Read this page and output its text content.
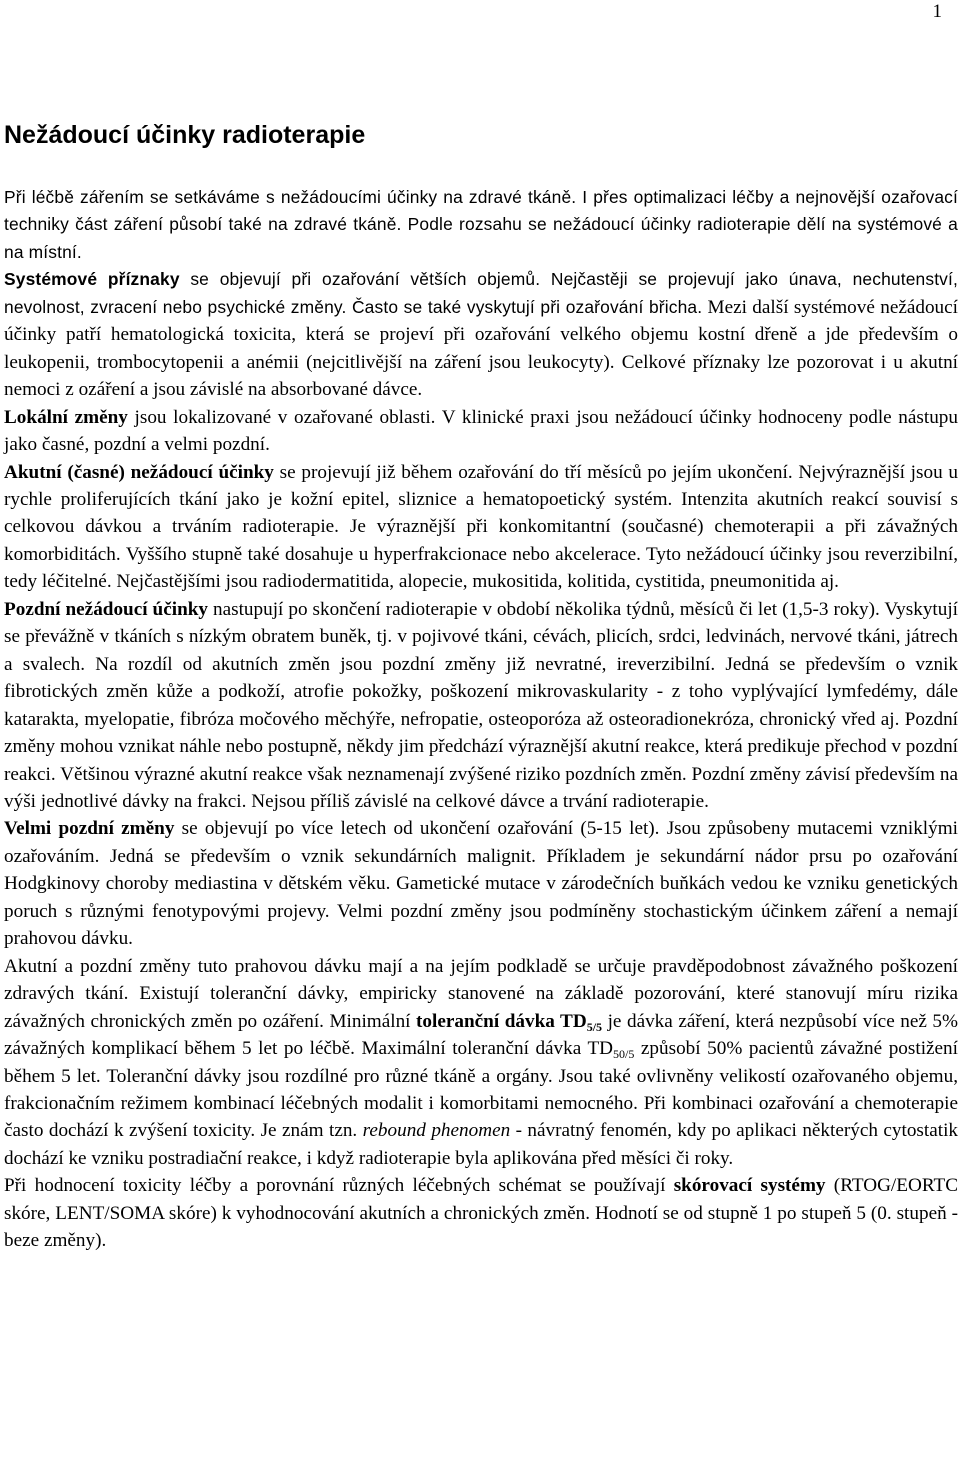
1
Nežádoucí účinky radioterapie

Při léčbě zářením se setkáváme s nežádoucími účinky na zdravé tkáně. I přes optimalizaci léčby a nejnovější ozařovací techniky část záření působí také na zdravé tkáně. Podle rozsahu se nežádoucí účinky radioterapie dělí na systémové a na místní.

Systémové příznaky se objevují při ozařování větších objemů. Nejčastěji se projevují jako únava, nechutenství, nevolnost, zvracení nebo psychické změny. Často se také vyskytují při ozařování břicha. Mezi další systémové nežádoucí účinky patří hematologická toxicita, která se projeví při ozařování velkého objemu kostní dřeně a jde především o leukopenii, trombocytopenii a anémii (nejcitlivější na záření jsou leukocyty). Celkové příznaky lze pozorovat i u akutní nemoci z ozáření a jsou závislé na absorbované dávce.

Lokální změny jsou lokalizované v ozařované oblasti. V klinické praxi jsou nežádoucí účinky hodnoceny podle nástupu jako časné, pozdní a velmi pozdní.

Akutní (časné) nežádoucí účinky se projevují již během ozařování do tří měsíců po jejím ukončení. Nejvýraznější jsou u rychle proliferujících tkání jako je kožní epitel, sliznice a hematopoetický systém. Intenzita akutních reakcí souvisí s celkovou dávkou a trváním radioterapie. Je výraznější při konkomitantní (současné) chemoterapii a při závažných komorbiditách. Vyššího stupně také dosahuje u hyperfrakcionace nebo akcelerace. Tyto nežádoucí účinky jsou reverzibilní, tedy léčitelné. Nejčastějšími jsou radiodermatitida, alopecie, mukositida, kolitida, cystitida, pneumonitida aj.

Pozdní nežádoucí účinky nastupují po skončení radioterapie v období několika týdnů, měsíců či let (1,5-3 roky). Vyskytují se převážně v tkáních s nízkým obratem buněk, tj. v pojivové tkáni, cévách, plicích, srdci, ledvinách, nervové tkáni, játrech a svalech. Na rozdíl od akutních změn jsou pozdní změny již nevratné, ireverzibilní. Jedná se především o vznik fibrotických změn kůže a podkoží, atrofie pokožky, poškození mikrovaskularity - z toho vyplývající lymfedémy, dále katarakta, myelopatie, fibróza močového měchýře, nefropatie, osteoporóza až osteoradionekróza, chronický vřed aj. Pozdní změny mohou vznikat náhle nebo postupně, někdy jim předchází výraznější akutní reakce, která predikuje přechod v pozdní reakci. Většinou výrazné akutní reakce však neznamenají zvýšené riziko pozdních změn. Pozdní změny závisí především na výši jednotlivé dávky na frakci. Nejsou příliš závislé na celkové dávce a trvání radioterapie.

Velmi pozdní změny se objevují po více letech od ukončení ozařování (5-15 let). Jsou způsobeny mutacemi vzniklými ozařováním. Jedná se především o vznik sekundárních malignit. Příkladem je sekundární nádor prsu po ozařování Hodgkinovy choroby mediastina v dětském věku. Gametické mutace v zárodečních buňkách vedou ke vzniku genetických poruch s různými fenotypovými projevy. Velmi pozdní změny jsou podmíněny stochastickým účinkem záření a nemají prahovou dávku.

Akutní a pozdní změny tuto prahovou dávku mají a na jejím podkladě se určuje pravděpodobnost závažného poškození zdravých tkání. Existují toleranční dávky, empiricky stanovené na základě pozorování, které stanovují míru rizika závažných chronických změn po ozáření. Minimální toleranční dávka $TD_{5/5}$ je dávka záření, která nezpůsobí více než 5% závažných komplikací během 5 let po léčbě. Maximální toleranční dávka $TD_{50/5}$ způsobí 50% pacientů závažné postižení během 5 let. Toleranční dávky jsou rozdílné pro různé tkáně a orgány. Jsou také ovlivněny velikostí ozařovaného objemu, frakcionačním režimem kombinací léčebných modalit i komorbitami nemocného. Při kombinaci ozařování a chemoterapie často dochází k zvýšení toxicity. Je znám tzn. rebound phenomen - návratný fenomén, kdy po aplikaci některých cytostatik dochází ke vzniku postradiační reakce, i když radioterapie byla aplikována před měsíci či roky.

Při hodnocení toxicity léčby a porovnání různých léčebných schémat se používají skórovací systémy (RTOG/EORTC skóre, LENT/SOMA skóre) k vyhodnocování akutních a chronických změn. Hodnotí se od stupně 1 po stupeň 5 (0. stupeň - beze změny).
